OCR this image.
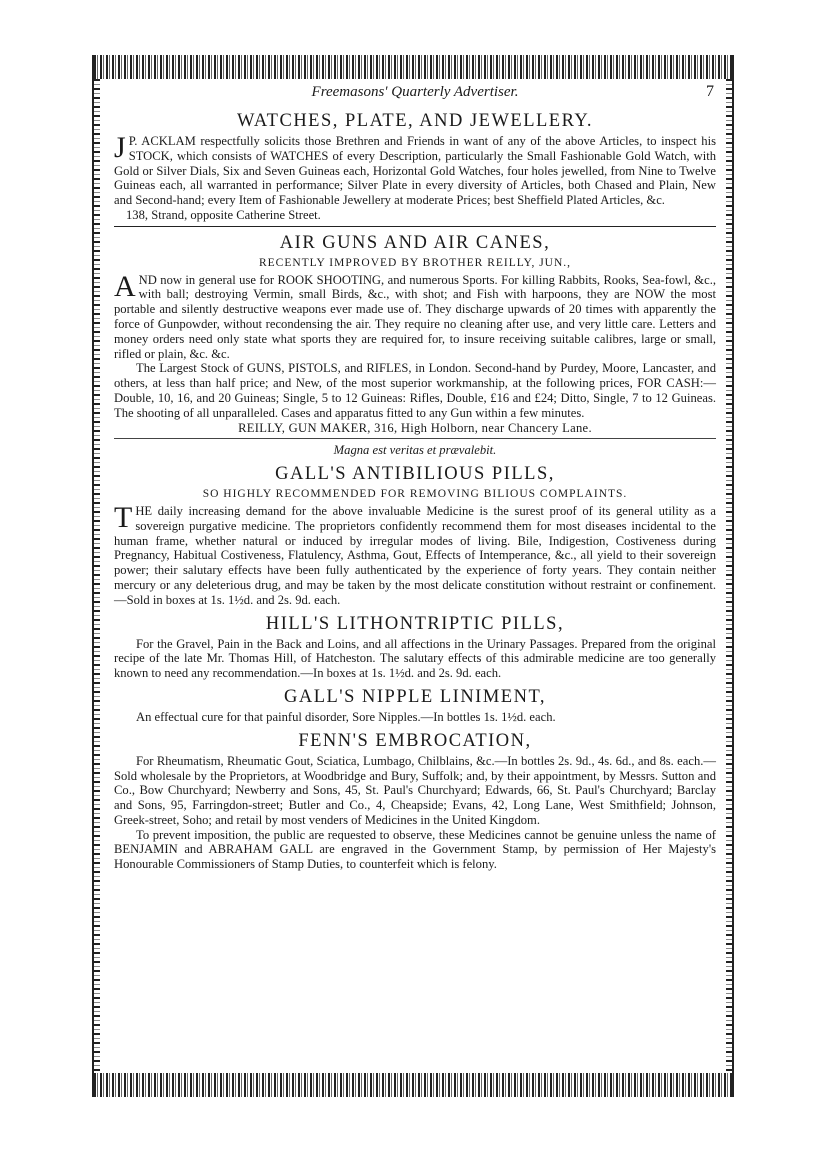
Freemasons' Quarterly Advertiser.	7
WATCHES, PLATE, AND JEWELLERY.

J P. ACKLAM respectfully solicits those Brethren and Friends in want of any of the above Articles, to inspect his STOCK, which consists of WATCHES of every Description, particularly the Small Fashionable Gold Watch, with Gold or Silver Dials, Six and Seven Guineas each, Horizontal Gold Watches, four holes jewelled, from Nine to Twelve Guineas each, all warranted in performance; Silver Plate in every diversity of Articles, both Chased and Plain, New and Second-hand; every Item of Fashionable Jewellery at moderate Prices; best Sheffield Plated Articles, &c.

138, Strand, opposite Catherine Street.

AIR GUNS AND AIR CANES,
RECENTLY IMPROVED BY BROTHER REILLY, JUN.,

AND now in general use for ROOK SHOOTING, and numerous Sports. For killing Rabbits, Rooks, Sea-fowl, &c., with ball; destroying Vermin, small Birds, &c., with shot; and Fish with harpoons, they are NOW the most portable and silently destructive weapons ever made use of. They discharge upwards of 20 times with apparently the force of Gunpowder, without recondensing the air. They require no cleaning after use, and very little care. Letters and money orders need only state what sports they are required for, to insure receiving suitable calibres, large or small, rifled or plain, &c. &c.

The Largest Stock of GUNS, PISTOLS, and RIFLES, in London. Second-hand by Purdey, Moore, Lancaster, and others, at less than half price; and New, of the most superior workmanship, at the following prices, FOR CASH:—Double, 10, 16, and 20 Guineas; Single, 5 to 12 Guineas: Rifles, Double, £16 and £24; Ditto, Single, 7 to 12 Guineas. The shooting of all unparalleled. Cases and apparatus fitted to any Gun within a few minutes.

REILLY, GUN MAKER, 316, High Holborn, near Chancery Lane.

Magna est veritas et prævalebit.

GALL'S ANTIBILIOUS PILLS,
SO HIGHLY RECOMMENDED FOR REMOVING BILIOUS COMPLAINTS.

THE daily increasing demand for the above invaluable Medicine is the surest proof of its general utility as a sovereign purgative medicine. The proprietors confidently recommend them for most diseases incidental to the human frame, whether natural or induced by irregular modes of living. Bile, Indigestion, Costiveness during Pregnancy, Habitual Costiveness, Flatulency, Asthma, Gout, Effects of Intemperance, &c., all yield to their sovereign power; their salutary effects have been fully authenticated by the experience of forty years. They contain neither mercury or any deleterious drug, and may be taken by the most delicate constitution without restraint or confinement.—Sold in boxes at 1s. 1½d. and 2s. 9d. each.

HILL'S LITHONTRIPTIC PILLS,

For the Gravel, Pain in the Back and Loins, and all affections in the Urinary Passages. Prepared from the original recipe of the late Mr. Thomas Hill, of Hatcheston. The salutary effects of this admirable medicine are too generally known to need any recommendation.—In boxes at 1s. 1½d. and 2s. 9d. each.

GALL'S NIPPLE LINIMENT,

An effectual cure for that painful disorder, Sore Nipples.—In bottles 1s. 1½d. each.

FENN'S EMBROCATION,

For Rheumatism, Rheumatic Gout, Sciatica, Lumbago, Chilblains, &c.—In bottles 2s. 9d., 4s. 6d., and 8s. each.—Sold wholesale by the Proprietors, at Woodbridge and Bury, Suffolk; and, by their appointment, by Messrs. Sutton and Co., Bow Churchyard; Newberry and Sons, 45, St. Paul's Churchyard; Edwards, 66, St. Paul's Churchyard; Barclay and Sons, 95, Farringdon-street; Butler and Co., 4, Cheapside; Evans, 42, Long Lane, West Smithfield; Johnson, Greek-street, Soho; and retail by most venders of Medicines in the United Kingdom.

To prevent imposition, the public are requested to observe, these Medicines cannot be genuine unless the name of BENJAMIN and ABRAHAM GALL are engraved in the Government Stamp, by permission of Her Majesty's Honourable Commissioners of Stamp Duties, to counterfeit which is felony.
